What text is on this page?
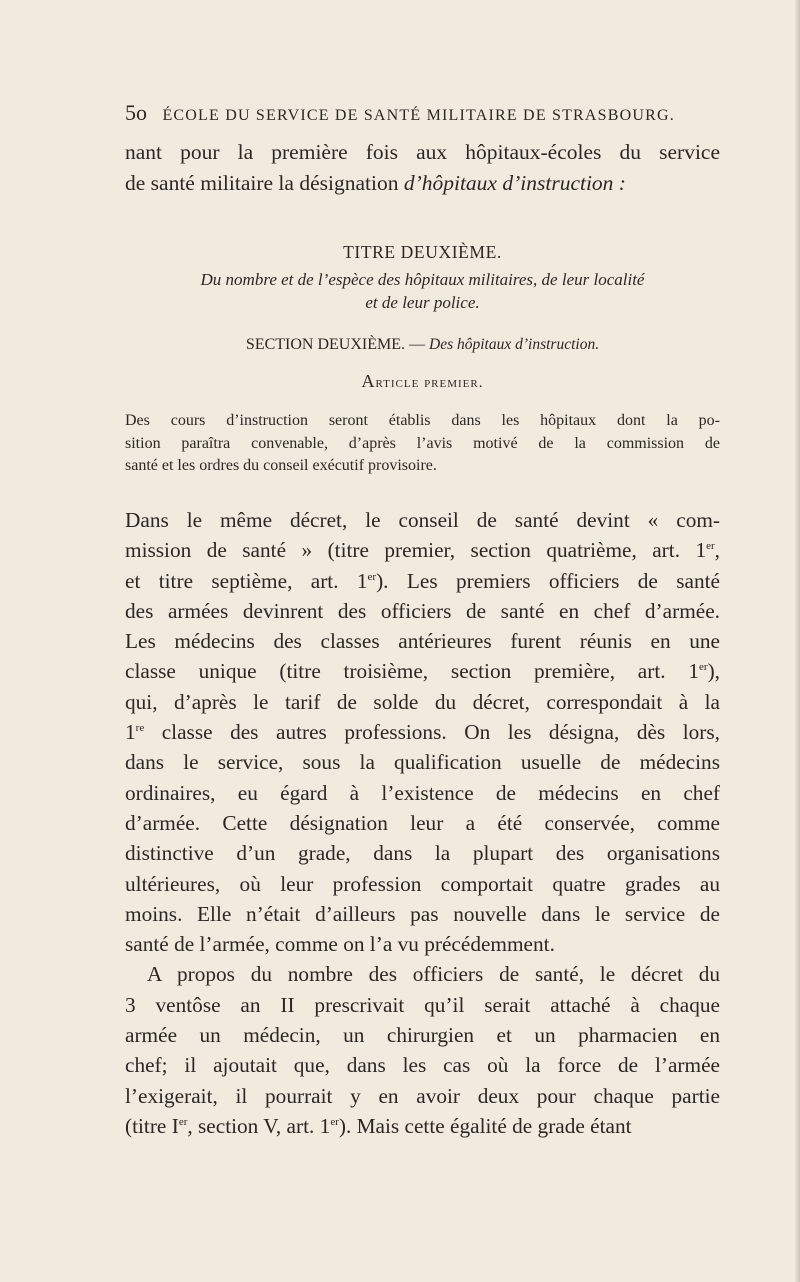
5o ÉCOLE DU SERVICE DE SANTÉ MILITAIRE DE STRASBOURG.
nant pour la première fois aux hôpitaux-écoles du service
de santé militaire la désignation d’hôpitaux d’instruction :
TITRE DEUXIÈME.
Du nombre et de l’espèce des hôpitaux militaires, de leur localité
et de leur police.
SECTION DEUXIÈME. — Des hôpitaux d’instruction.
Article premier.
Des cours d’instruction seront établis dans les hôpitaux dont la po-
sition paraîtra convenable, d’après l’avis motivé de la commission de
santé et les ordres du conseil exécutif provisoire.
Dans le même décret, le conseil de santé devint « com-
mission de santé » (titre premier, section quatrième, art. 1er,
et titre septième, art. 1er). Les premiers officiers de santé
des armées devinrent des officiers de santé en chef d’armée.
Les médecins des classes antérieures furent réunis en une
classe unique (titre troisième, section première, art. 1er),
qui, d’après le tarif de solde du décret, correspondait à la
1re classe des autres professions. On les désigna, dès lors,
dans le service, sous la qualification usuelle de médecins
ordinaires, eu égard à l’existence de médecins en chef
d’armée. Cette désignation leur a été conservée, comme
distinctive d’un grade, dans la plupart des organisations
ultérieures, où leur profession comportait quatre grades au
moins. Elle n’était d’ailleurs pas nouvelle dans le service de
santé de l’armée, comme on l’a vu précédemment.
A propos du nombre des officiers de santé, le décret du
3 ventôse an II prescrivait qu’il serait attaché à chaque
armée un médecin, un chirurgien et un pharmacien en
chef; il ajoutait que, dans les cas où la force de l’armée
l’exigerait, il pourrait y en avoir deux pour chaque partie
(titre Ier, section V, art. 1er). Mais cette égalité de grade étant
